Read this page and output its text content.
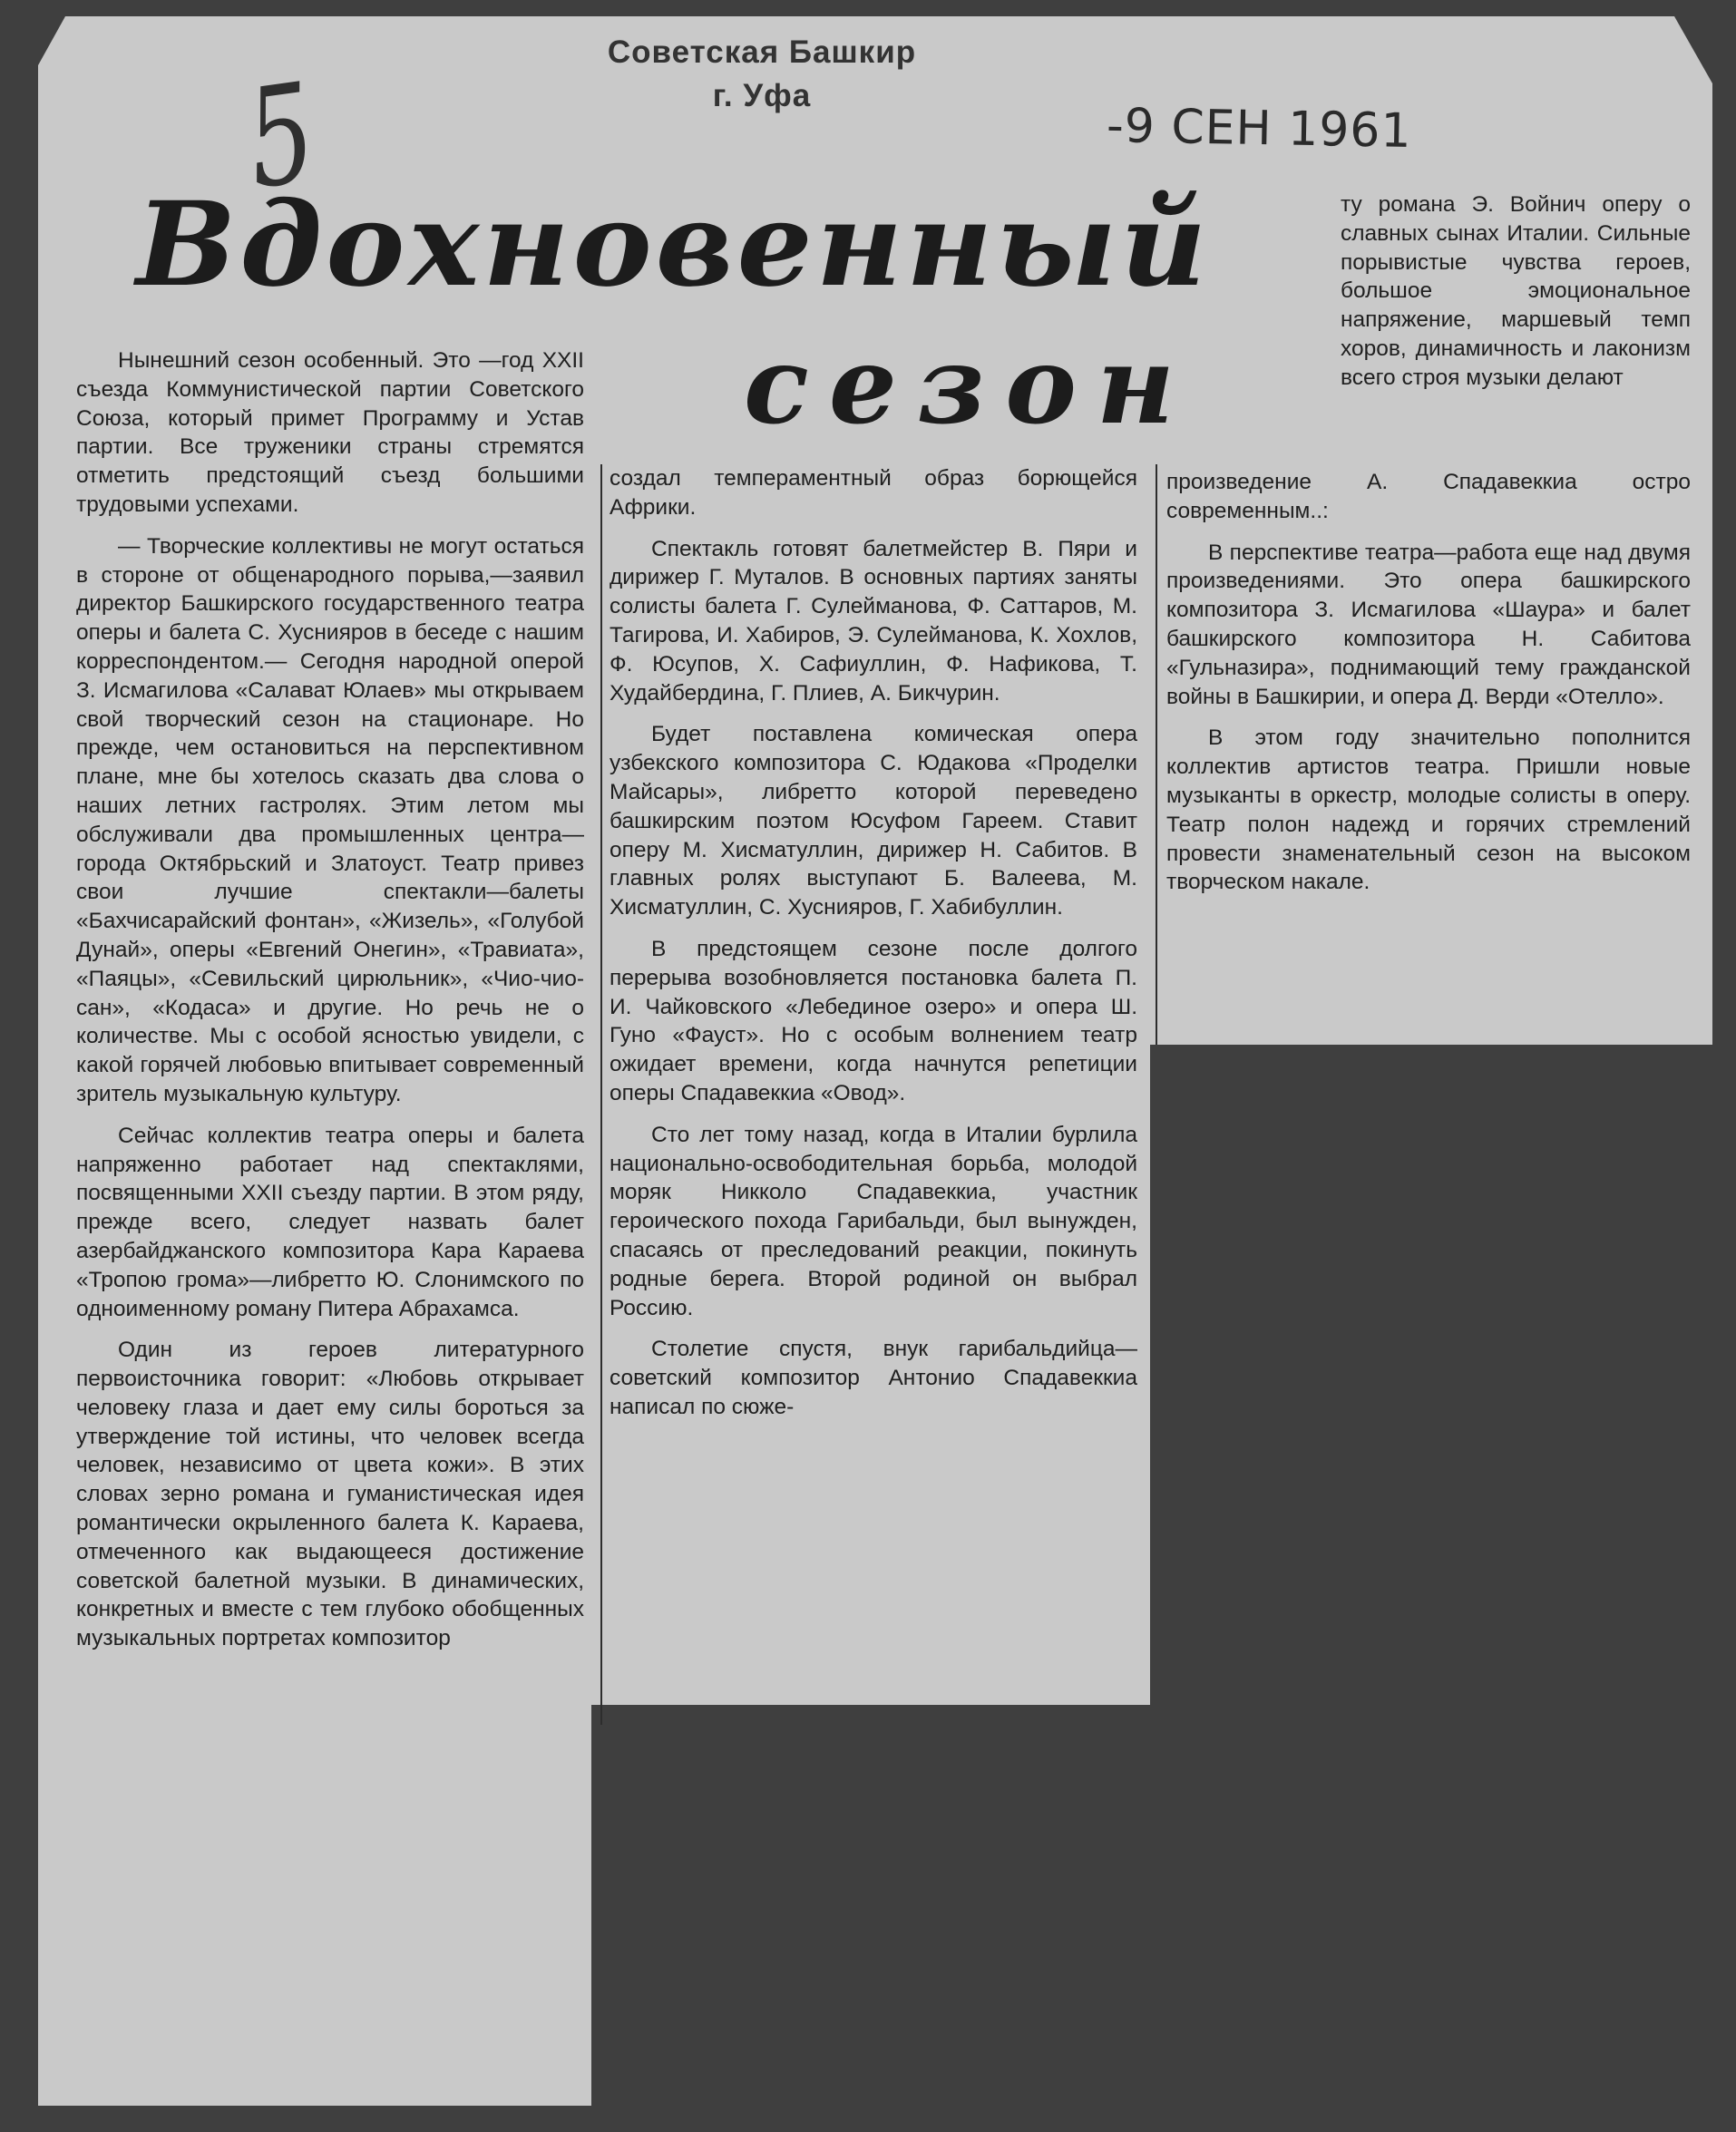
5
Советская Башкир
г. Уфа
-9 СЕН 1961
Вдохновенный
сезон

Нынешний сезон особенный. Это —год XXII съезда Коммунистической партии Советского Союза, который примет Программу и Устав партии. Все труженики страны стремятся отметить предстоящий съезд большими трудовыми успехами.

— Творческие коллективы не могут остаться в стороне от общенародного порыва,—заявил директор Башкирского государственного театра оперы и балета С. Хуснияров в беседе с нашим корреспондентом.— Сегодня народной оперой З. Исмагилова «Салават Юлаев» мы открываем свой творческий сезон на стационаре. Но прежде, чем остановиться на перспективном плане, мне бы хотелось сказать два слова о наших летних гастролях. Этим летом мы обслуживали два промышленных центра—города Октябрьский и Златоуст. Театр привез свои лучшие спектакли—балеты «Бахчисарайский фонтан», «Жизель», «Голубой Дунай», оперы «Евгений Онегин», «Травиата», «Паяцы», «Севильский цирюльник», «Чио-чио-сан», «Кодаса» и другие. Но речь не о количестве. Мы с особой ясностью увидели, с какой горячей любовью впитывает современный зритель музыкальную культуру.

Сейчас коллектив театра оперы и балета напряженно работает над спектаклями, посвященными XXII съезду партии. В этом ряду, прежде всего, следует назвать балет азербайджанского композитора Кара Караева «Тропою грома»—либретто Ю. Слонимского по одноименному роману Питера Абрахамса.

Один из героев литературного первоисточника говорит: «Любовь открывает человеку глаза и дает ему силы бороться за утверждение той истины, что человек всегда человек, независимо от цвета кожи». В этих словах зерно романа и гуманистическая идея романтически окрыленного балета К. Караева, отмеченного как выдающееся достижение советской балетной музыки. В динамических, конкретных и вместе с тем глубоко обобщенных музыкальных портретах композитор

создал темпераментный образ борющейся Африки.

Спектакль готовят балетмейстер В. Пяри и дирижер Г. Муталов. В основных партиях заняты солисты балета Г. Сулейманова, Ф. Саттаров, М. Тагирова, И. Хабиров, Э. Сулейманова, К. Хохлов, Ф. Юсупов, Х. Сафиуллин, Ф. Нафикова, Т. Худайбердина, Г. Плиев, А. Бикчурин.

Будет поставлена комическая опера узбекского композитора С. Юдакова «Проделки Майсары», либретто которой переведено башкирским поэтом Юсуфом Гареем. Ставит оперу М. Хисматуллин, дирижер Н. Сабитов. В главных ролях выступают Б. Валеева, М. Хисматуллин, С. Хуснияров, Г. Хабибуллин.

В предстоящем сезоне после долгого перерыва возобновляется постановка балета П. И. Чайковского «Лебединое озеро» и опера Ш. Гуно «Фауст». Но с особым волнением театр ожидает времени, когда начнутся репетиции оперы Спадавеккиа «Овод».

Сто лет тому назад, когда в Италии бурлила национально-освободительная борьба, молодой моряк Никколо Спадавеккиа, участник героического похода Гарибальди, был вынужден, спасаясь от преследований реакции, покинуть родные берега. Второй родиной он выбрал Россию.

Столетие спустя, внук гарибальдийца—советский композитор Антонио Спадавеккиа написал по сюже-

ту романа Э. Войнич оперу о славных сынах Италии. Сильные порывистые чувства героев, большое эмоциональное напряжение, маршевый темп хоров, динамичность и лаконизм всего строя музыки делают

произведение А. Спадавеккиа остро современным..:

В перспективе театра—работа еще над двумя произведениями. Это опера башкирского композитора З. Исмагилова «Шаура» и балет башкирского композитора Н. Сабитова «Гульназира», поднимающий тему гражданской войны в Башкирии, и опера Д. Верди «Отелло».

В этом году значительно пополнится коллектив артистов театра. Пришли новые музыканты в оркестр, молодые солисты в оперу. Театр полон надежд и горячих стремлений провести знаменательный сезон на высоком творческом накале.
